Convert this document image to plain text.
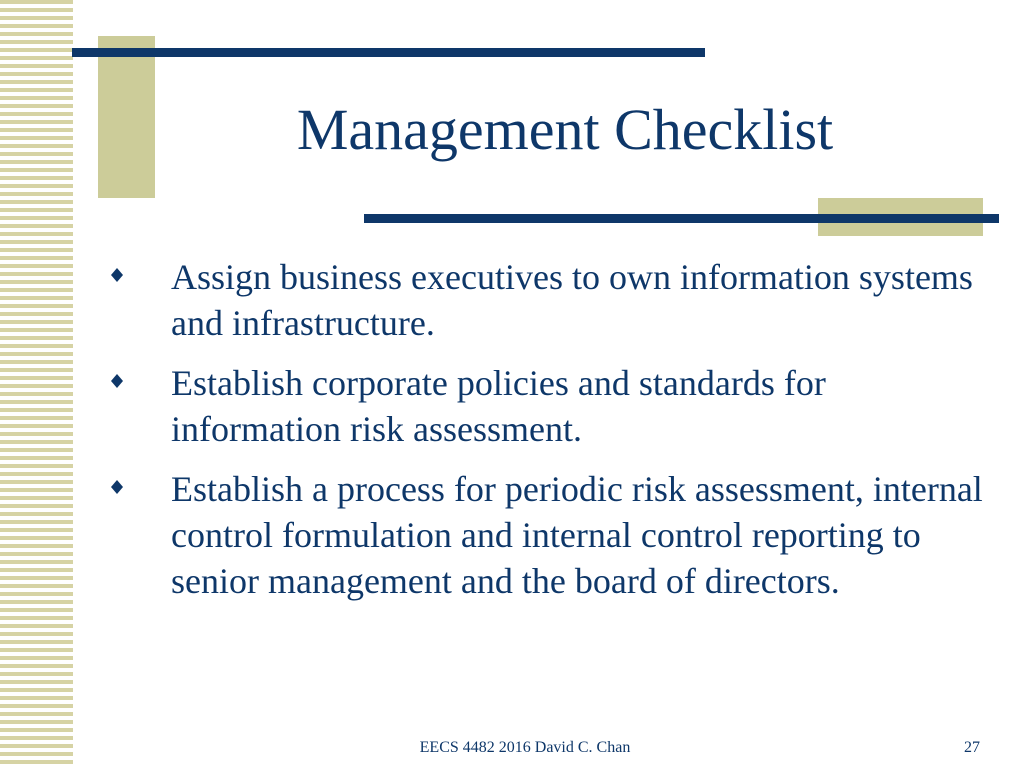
Management Checklist
Assign business executives to own information systems and infrastructure.
Establish corporate policies and standards for information risk assessment.
Establish a process for periodic risk assessment, internal control formulation and internal control reporting to senior management and the board of directors.
EECS 4482 2016 David C. Chan	27
